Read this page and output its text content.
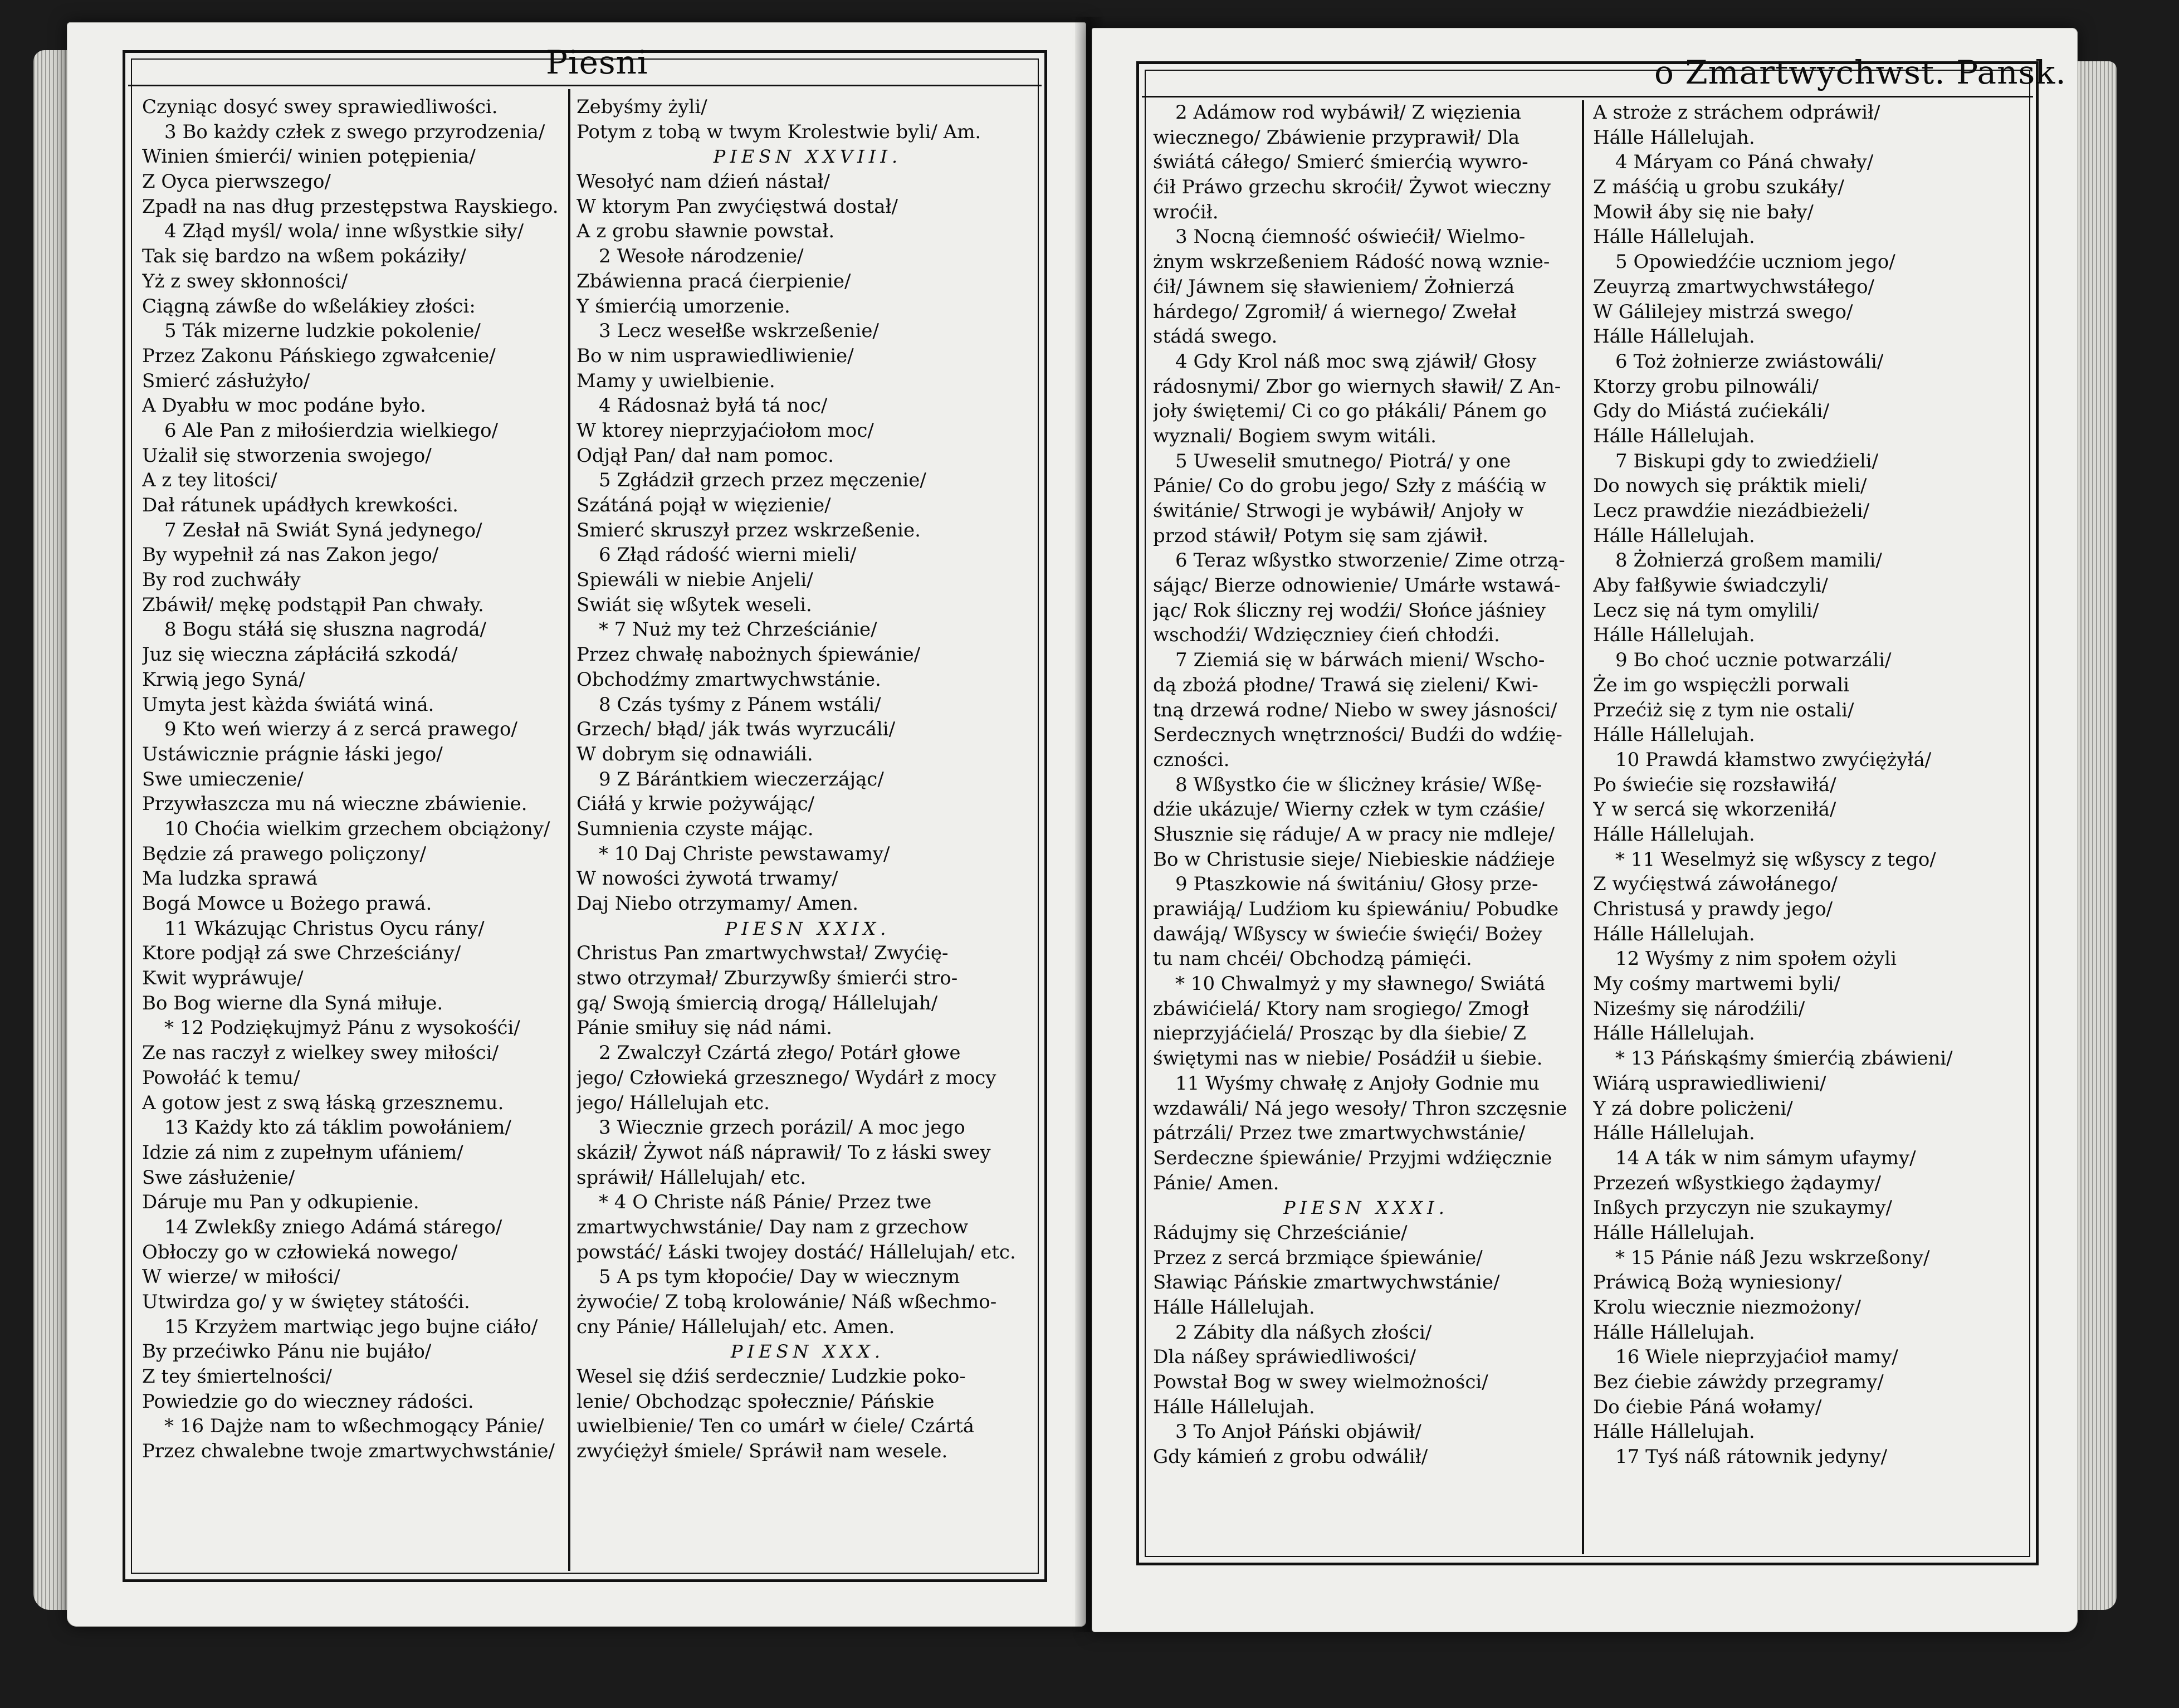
Piesni
Czyniąc dosyć swey sprawiedliwości.
3 Bo każdy człek z swego przyrodzenia/
Winien śmierći/ winien potępienia/
Z Oyca pierwszego/
Zpadł na nas dług przestępstwa Rayskiego.
4 Złąd myśl/ wola/ inne wßystkie siły/
Tak się bardzo na wßem pokáziły/
Yż z swey skłonności/
Ciągną záwße do wßelákiey złości:
5 Ták mizerne ludzkie pokolenie/
Przez Zakonu Páńskiego zgwałcenie/
Smierć zásłużyło/
A Dyabłu w moc podáne było.
6 Ale Pan z miłośierdzia wielkiego/
Użalił się stworzenia swojego/
A z tey litości/
Dał rátunek upádłych krewkości.
7 Zesłał nā Swiát Syná jedynego/
By wypełnił zá nas Zakon jego/
By rod zuchwáły
Zbáwił/ mękę podstąpił Pan chwały.
8 Bogu stáłá się słuszna nagrodá/
Juz się wieczna zápłáciłá szkodá/
Krwią jego Syná/
Umyta jest kàżda świátá winá.
9 Kto weń wierzy á z sercá prawego/
Ustáwicznie prágnie łáski jego/
Swe umieczenie/
Przywłaszcza mu ná wieczne zbáwienie.
10 Choćia wielkim grzechem obciążony/
Będzie zá prawego poliçzony/
Ma ludzka sprawá
Bogá Mowce u Bożego prawá.
11 Wkázując Christus Oycu rány/
Ktore podjął zá swe Chrześciány/
Kwit wypráwuje/
Bo Bog wierne dla Syná miłuje.
* 12 Podziękujmyż Pánu z wysokośći/
Ze nas raczył z wielkey swey miłości/
Powołáć k temu/
A gotow jest z swą łáską grzesznemu.
13 Każdy kto zá táklim powołániem/
Idzie zá nim z zupełnym ufániem/
Swe zásłużenie/
Dáruje mu Pan y odkupienie.
14 Zwlekßy zniego Adámá stárego/
Obłoczy go w człowieká nowego/
W wierze/ w miłości/
Utwirdza go/ y w świętey státośći.
15 Krzyżem martwiąc jego bujne ciáło/
By przećiwko Pánu nie bujáło/
Z tey śmiertelności/
Powiedzie go do wieczney rádości.
* 16 Dajże nam to wßechmogący Pánie/
Przez chwalebne twoje zmartwychwstánie/
Zebyśmy żyli/
Potym z tobą w twym Krolestwie byli/ Am.
PIESN XXVIII.
Wesołyć nam dźień nástał/
W ktorym Pan zwyćięstwá dostał/
A z grobu sławnie powstał.
2 Wesołe národzenie/
Zbáwienna pracá ćierpienie/
Y śmierćią umorzenie.
3 Lecz wesełße wskrzeßenie/
Bo w nim usprawiedliwienie/
Mamy y uwielbienie.
4 Rádosnaż byłá tá noc/
W ktorey nieprzyjaćiołom moc/
Odjął Pan/ dał nam pomoc.
5 Zgłádził grzech przez męczenie/
Szátáná pojął w więzienie/
Smierć skruszył przez wskrzeßenie.
6 Złąd rádość wierni mieli/
Spiewáli w niebie Anjeli/
Swiát się wßytek weseli.
* 7 Nuż my też Chrześciánie/
Przez chwałę nabożnych śpiewánie/
Obchodźmy zmartwychwstánie.
8 Czás tyśmy z Pánem wstáli/
Grzech/ błąd/ ják twás wyrzucáli/
W dobrym się odnawiáli.
9 Z Bárántkiem wieczerzájąc/
Ciáłá y krwie pożywájąc/
Sumnienia czyste májąc.
* 10 Daj Christe pewstawamy/
W nowości żywotá trwamy/
Daj Niebo otrzymamy/ Amen.
PIESN XXIX.
Christus Pan zmartwychwstał/ Zwyćię-
stwo otrzymał/ Zburzywßy śmierći stro-
gą/ Swoją śmiercią drogą/ Hállelujah/
Pánie smiłuy się nád námi.
2 Zwalczył Czártá złego/ Potárł głowe
jego/ Człowieká grzesznego/ Wydárł z mocy
jego/ Hállelujah etc.
3 Wiecznie grzech porázil/ A moc jego
skáził/ Żywot náß náprawił/ To z łáski swey
spráwił/ Hállelujah/ etc.
* 4 O Christe náß Pánie/ Przez twe
zmartwychwstánie/ Day nam z grzechow
powstáć/ Łáski twojey dostáć/ Hállelujah/ etc.
5 A ps tym kłopoćie/ Day w wiecznym
żywoćie/ Z tobą krolowánie/ Náß wßechmo-
cny Pánie/ Hállelujah/ etc. Amen.
PIESN XXX.
Wesel się dźiś serdecznie/ Ludzkie poko-
lenie/ Obchodząc społecznie/ Páńskie
uwielbienie/ Ten co umárł w ćiele/ Czártá
zwyćiężył śmiele/ Spráwił nam wesele.
o Zmartwychwst. Pansk.
2 Adámow rod wybáwił/ Z więzienia
wiecznego/ Zbáwienie przyprawił/ Dla
świátá cáłego/ Smierć śmierćią wywro-
ćił Práwo grzechu skroćił/ Żywot wieczny
wroćił.
3 Nocną ćiemność oświećił/ Wielmo-
żnym wskrzeßeniem Rádość nową wznie-
ćił/ Jáwnem się sławieniem/ Żołnierzá
hárdego/ Zgromił/ á wiernego/ Zwełał
stádá swego.
4 Gdy Krol náß moc swą zjáwił/ Głosy
rádosnymi/ Zbor go wiernych sławił/ Z An-
joły świętemi/ Ci co go płákáli/ Pánem go
wyznali/ Bogiem swym witáli.
5 Uweselił smutnego/ Piotrá/ y one
Pánie/ Co do grobu jego/ Szły z máśćią w
świtánie/ Strwogi je wybáwił/ Anjoły w
przod stáwił/ Potym się sam zjáwił.
6 Teraz wßystko stworzenie/ Zime otrzą-
sájąc/ Bierze odnowienie/ Umárłe wstawá-
jąc/ Rok śliczny rej wodźi/ Słońce jáśniey
wschodźi/ Wdzięczniey ćień chłodźi.
7 Ziemiá się w bárwách mieni/ Wscho-
dą zbożá płodne/ Trawá się zieleni/ Kwi-
tną drzewá rodne/ Niebo w swey jásności/
Serdecznych wnętrzności/ Budźi do wdźię-
czności.
8 Wßystko ćie w ślicżney krásie/ Wßę-
dźie ukázuje/ Wierny człek w tym czáśie/
Słusznie się ráduje/ A w pracy nie mdleje/
Bo w Christusie sieje/ Niebieskie nádźieje
9 Ptaszkowie ná świtániu/ Głosy prze-
prawiáją/ Ludźiom ku śpiewániu/ Pobudke
dawáją/ Wßyscy w świećie święći/ Bożey
tu nam chcéi/ Obchodzą pámięći.
* 10 Chwalmyż y my sławnego/ Swiátá
zbáwićielá/ Ktory nam srogiego/ Zmogł
nieprzyjáćielá/ Prosząc by dla śiebie/ Z
świętymi nas w niebie/ Posádźił u śiebie.
11 Wyśmy chwałę z Anjoły Godnie mu
wzdawáli/ Ná jego wesoły/ Thron szczęsnie
pátrzáli/ Przez twe zmartwychwstánie/
Serdeczne śpiewánie/ Przyjmi wdźięcznie
Pánie/ Amen.
PIESN XXXI.
Rádujmy się Chrześciánie/
Przez z sercá brzmiące śpiewánie/
Sławiąc Páńskie zmartwychwstánie/
Hálle Hállelujah.
2 Zábity dla náßych złości/
Dla náßey spráwiedliwości/
Powstał Bog w swey wielmożności/
Hálle Hállelujah.
3 To Anjoł Páński objáwił/
Gdy kámień z grobu odwálił/
A stroże z stráchem odpráwił/
Hálle Hállelujah.
4 Máryam co Páná chwały/
Z máśćią u grobu szukáły/
Mowił áby się nie bały/
Hálle Hállelujah.
5 Opowiedźćie uczniom jego/
Zeuyrzą zmartwychwstáłego/
W Gálilejey mistrzá swego/
Hálle Hállelujah.
6 Toż żołnierze zwiástowáli/
Ktorzy grobu pilnowáli/
Gdy do Miástá zućiekáli/
Hálle Hállelujah.
7 Biskupi gdy to zwiedźieli/
Do nowych się práktik mieli/
Lecz prawdźie niezádbieżeli/
Hálle Hállelujah.
8 Żołnierzá großem mamili/
Aby fałßywie świadczyli/
Lecz się ná tym omylili/
Hálle Hállelujah.
9 Bo choć ucznie potwarzáli/
Że im go wspięcżli porwali
Przećiż się z tym nie ostali/
Hálle Hállelujah.
10 Prawdá kłamstwo zwyćiężyłá/
Po świećie się rozsławiłá/
Y w sercá się wkorzeniłá/
Hálle Hállelujah.
* 11 Weselmyż się wßyscy z tego/
Z wyćięstwá záwołánego/
Christusá y prawdy jego/
Hálle Hállelujah.
12 Wyśmy z nim społem ożyli
My cośmy martwemi byli/
Niześmy się národźili/
Hálle Hállelujah.
* 13 Páńskąśmy śmierćią zbáwieni/
Wiárą usprawiedliwieni/
Y zá dobre policżeni/
Hálle Hállelujah.
14 A ták w nim sámym ufaymy/
Przezeń wßystkiego żądaymy/
Inßych przyczyn nie szukaymy/
Hálle Hállelujah.
* 15 Pánie náß Jezu wskrzeßony/
Práwicą Bożą wyniesiony/
Krolu wiecznie niezmożony/
Hálle Hállelujah.
16 Wiele nieprzyjaćioł mamy/
Bez ćiebie záwżdy przegramy/
Do ćiebie Páná wołamy/
Hálle Hállelujah.
17 Tyś náß rátownik jedyny/
